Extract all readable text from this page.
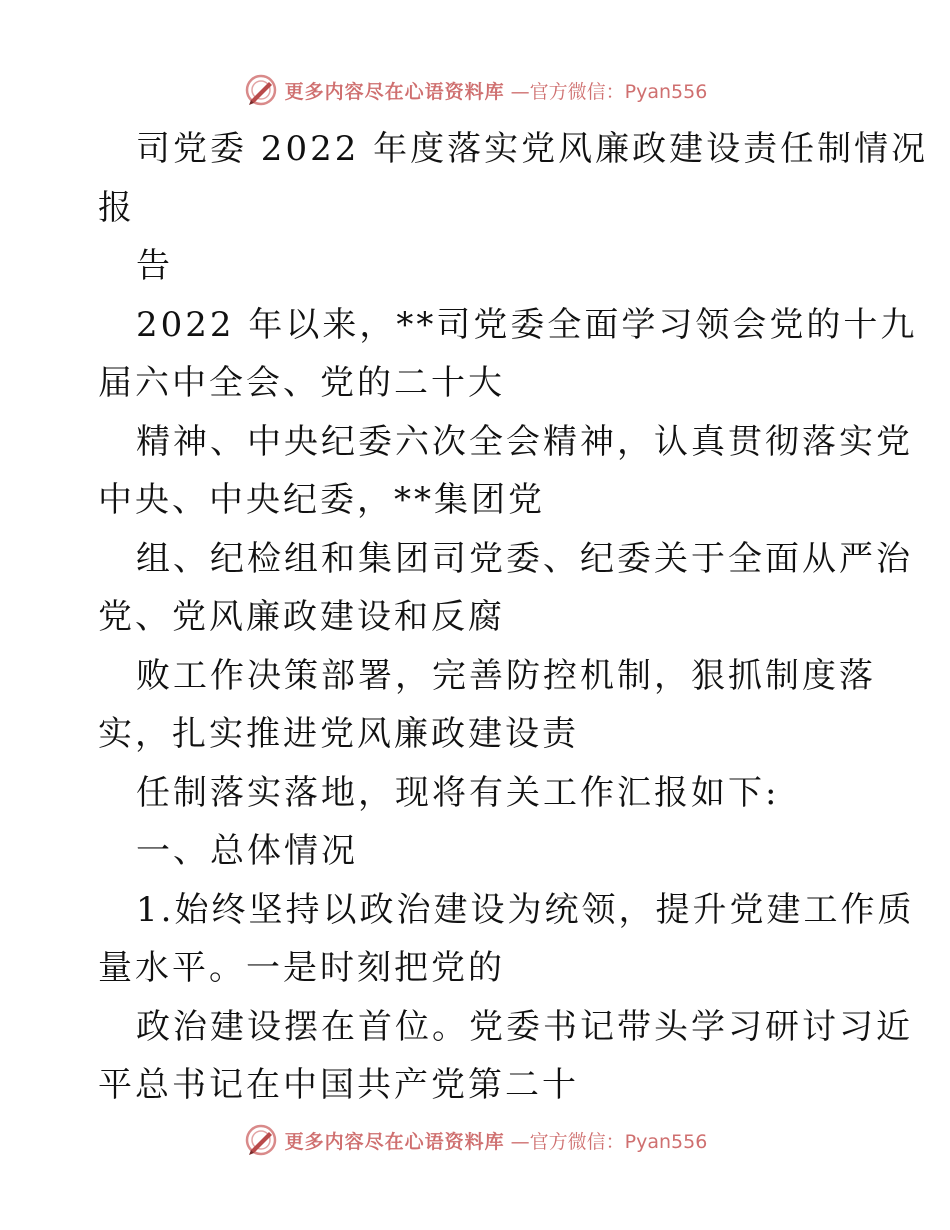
更多内容尽在心语资料库 —官方微信：Pyan556
司党委 2022 年度落实党风廉政建设责任制情况
报
告
2022 年以来，**司党委全面学习领会党的十九
届六中全会、党的二十大
精神、中央纪委六次全会精神，认真贯彻落实党
中央、中央纪委，**集团党
组、纪检组和集团司党委、纪委关于全面从严治
党、党风廉政建设和反腐
败工作决策部署，完善防控机制，狠抓制度落
实，扎实推进党风廉政建设责
任制落实落地，现将有关工作汇报如下:
一、总体情况
1.始终坚持以政治建设为统领，提升党建工作质
量水平。一是时刻把党的
政治建设摆在首位。党委书记带头学习研讨习近
平总书记在中国共产党第二十
更多内容尽在心语资料库 —官方微信：Pyan556
